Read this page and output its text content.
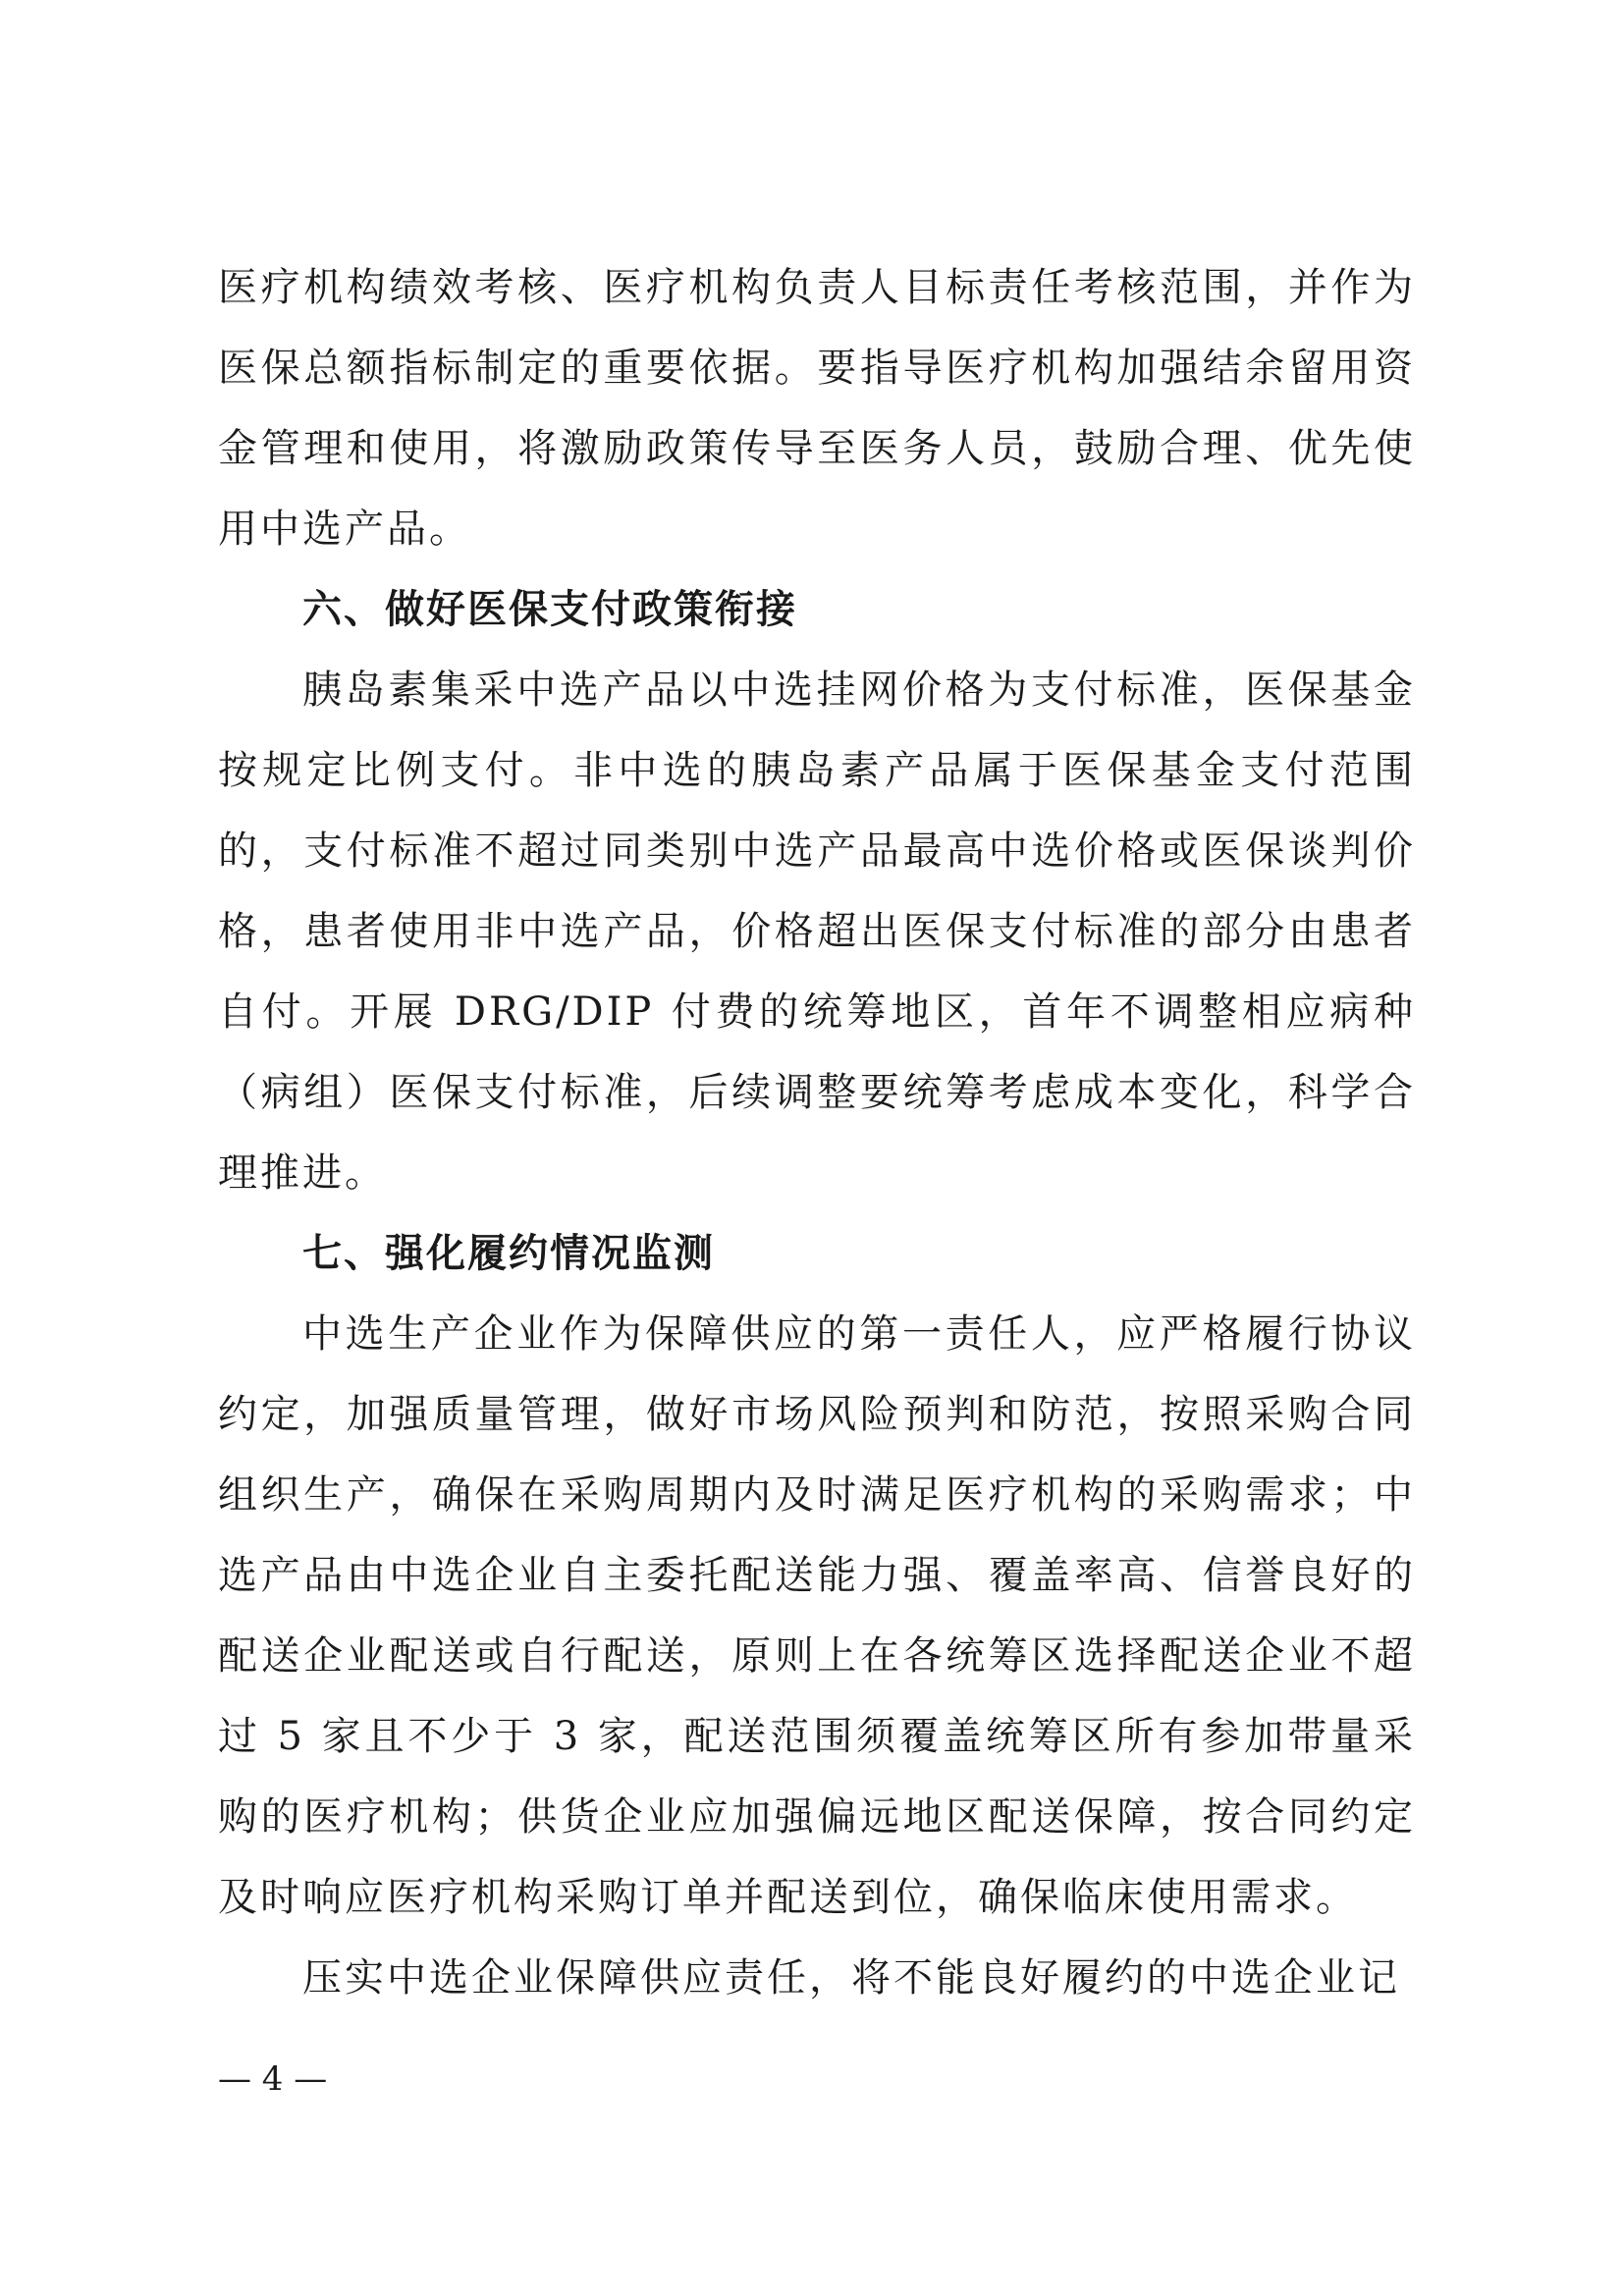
医疗机构绩效考核、医疗机构负责人目标责任考核范围，并作为医保总额指标制定的重要依据。要指导医疗机构加强结余留用资金管理和使用，将激励政策传导至医务人员，鼓励合理、优先使用中选产品。

六、做好医保支付政策衔接

胰岛素集采中选产品以中选挂网价格为支付标准，医保基金按规定比例支付。非中选的胰岛素产品属于医保基金支付范围的，支付标准不超过同类别中选产品最高中选价格或医保谈判价格，患者使用非中选产品，价格超出医保支付标准的部分由患者自付。开展 DRG/DIP 付费的统筹地区，首年不调整相应病种（病组）医保支付标准，后续调整要统筹考虑成本变化，科学合理推进。

七、强化履约情况监测

中选生产企业作为保障供应的第一责任人，应严格履行协议约定，加强质量管理，做好市场风险预判和防范，按照采购合同组织生产，确保在采购周期内及时满足医疗机构的采购需求；中选产品由中选企业自主委托配送能力强、覆盖率高、信誉良好的配送企业配送或自行配送，原则上在各统筹区选择配送企业不超过 5 家且不少于 3 家，配送范围须覆盖统筹区所有参加带量采购的医疗机构；供货企业应加强偏远地区配送保障，按合同约定及时响应医疗机构采购订单并配送到位，确保临床使用需求。

压实中选企业保障供应责任，将不能良好履约的中选企业记

— 4 —
